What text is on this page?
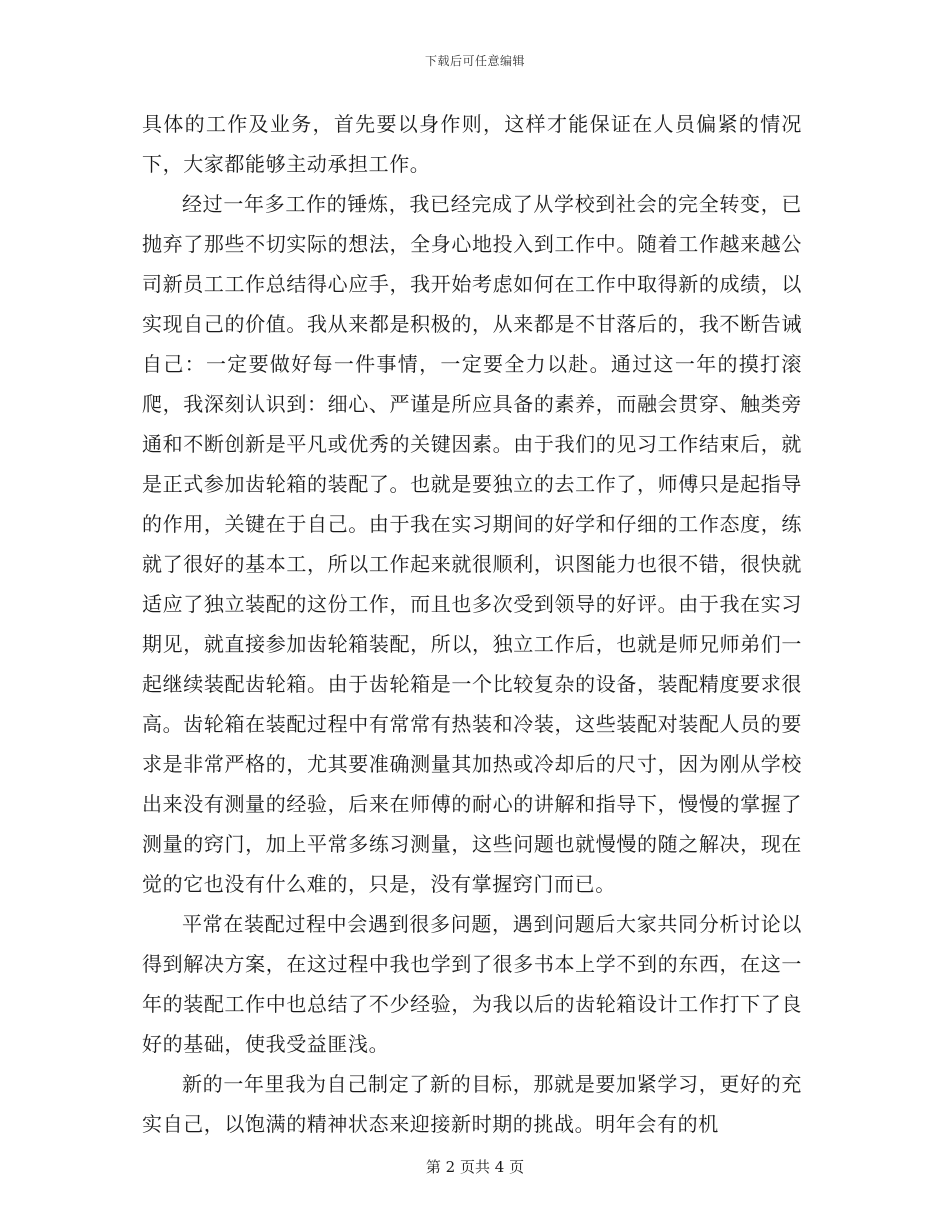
下载后可任意编辑

具体的工作及业务，首先要以身作则，这样才能保证在人员偏紧的情况下，大家都能够主动承担工作。

经过一年多工作的锤炼，我已经完成了从学校到社会的完全转变，已抛弃了那些不切实际的想法，全身心地投入到工作中。随着工作越来越公司新员工工作总结得心应手，我开始考虑如何在工作中取得新的成绩，以实现自己的价值。我从来都是积极的，从来都是不甘落后的，我不断告诫自己：一定要做好每一件事情，一定要全力以赴。通过这一年的摸打滚爬，我深刻认识到：细心、严谨是所应具备的素养，而融会贯穿、触类旁通和不断创新是平凡或优秀的关键因素。由于我们的见习工作结束后，就是正式参加齿轮箱的装配了。也就是要独立的去工作了，师傅只是起指导的作用，关键在于自己。由于我在实习期间的好学和仔细的工作态度，练就了很好的基本工，所以工作起来就很顺利，识图能力也很不错，很快就适应了独立装配的这份工作，而且也多次受到领导的好评。由于我在实习期见，就直接参加齿轮箱装配，所以，独立工作后，也就是师兄师弟们一起继续装配齿轮箱。由于齿轮箱是一个比较复杂的设备，装配精度要求很高。齿轮箱在装配过程中有常常有热装和冷装，这些装配对装配人员的要求是非常严格的，尤其要准确测量其加热或冷却后的尺寸，因为刚从学校出来没有测量的经验，后来在师傅的耐心的讲解和指导下，慢慢的掌握了测量的窍门，加上平常多练习测量，这些问题也就慢慢的随之解决，现在觉的它也没有什么难的，只是，没有掌握窍门而已。

平常在装配过程中会遇到很多问题，遇到问题后大家共同分析讨论以得到解决方案，在这过程中我也学到了很多书本上学不到的东西，在这一年的装配工作中也总结了不少经验，为我以后的齿轮箱设计工作打下了良好的基础，使我受益匪浅。

新的一年里我为自己制定了新的目标，那就是要加紧学习，更好的充实自己，以饱满的精神状态来迎接新时期的挑战。明年会有的机

第 2 页共 4 页
